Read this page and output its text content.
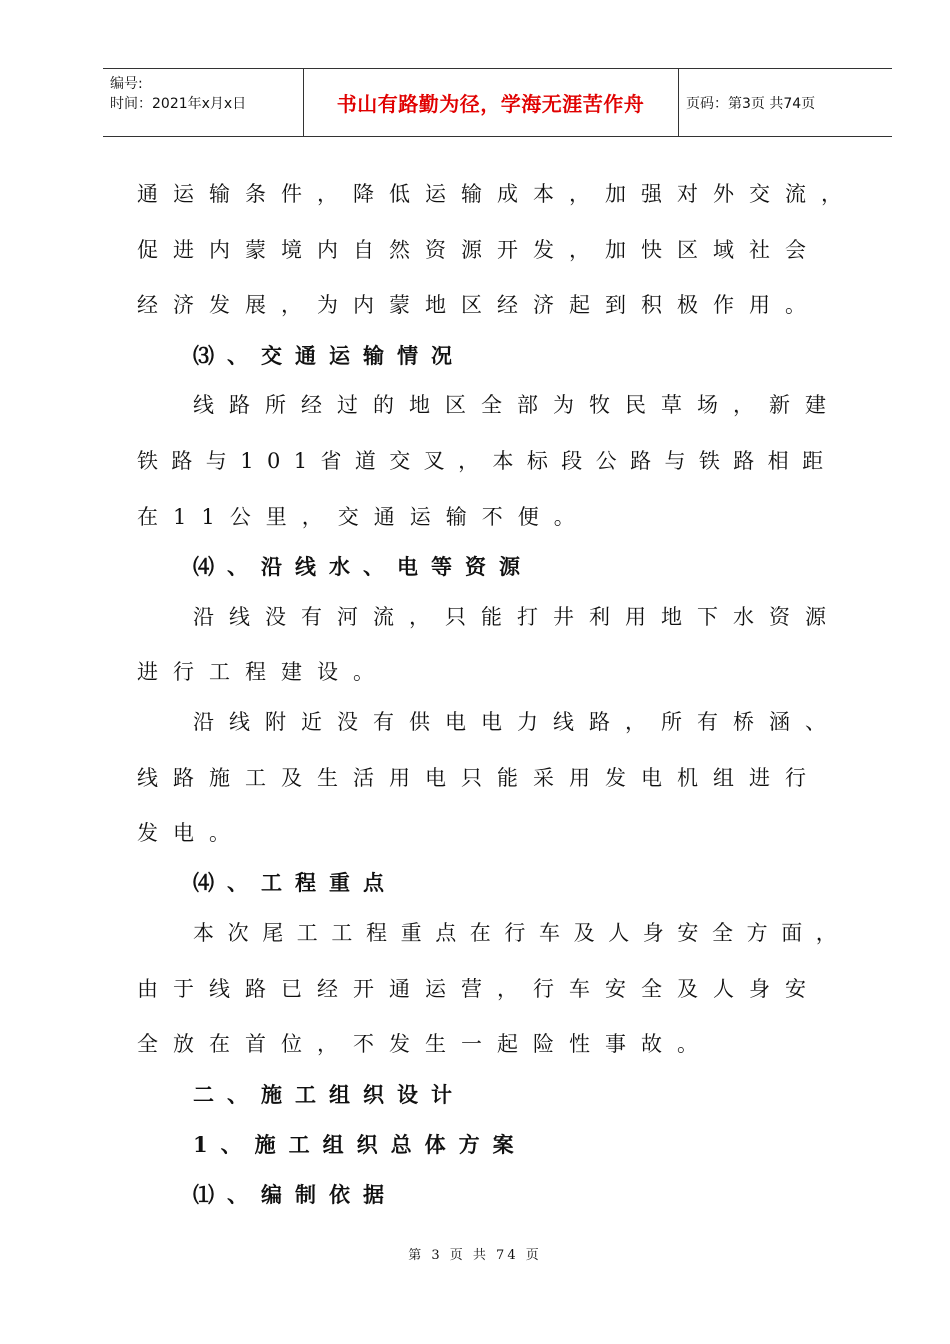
编号:
时间：2021年x月x日	书山有路勤为径，学海无涯苦作舟	页码：第3页 共74页
通运输条件，降低运输成本，加强对外交流，
促进内蒙境内自然资源开发，加快区域社会
经济发展，为内蒙地区经济起到积极作用。
⑶、交通运输情况
线路所经过的地区全部为牧民草场，新建
铁路与101省道交叉，本标段公路与铁路相距
在11公里，交通运输不便。
⑷、沿线水、电等资源
沿线没有河流，只能打井利用地下水资源
进行工程建设。
沿线附近没有供电电力线路，所有桥涵、
线路施工及生活用电只能采用发电机组进行
发电。
⑷、工程重点
本次尾工工程重点在行车及人身安全方面，
由于线路已经开通运营，行车安全及人身安
全放在首位，不发生一起险性事故。
二、施工组织设计
1、施工组织总体方案
⑴、编制依据
第 3 页 共 74 页
